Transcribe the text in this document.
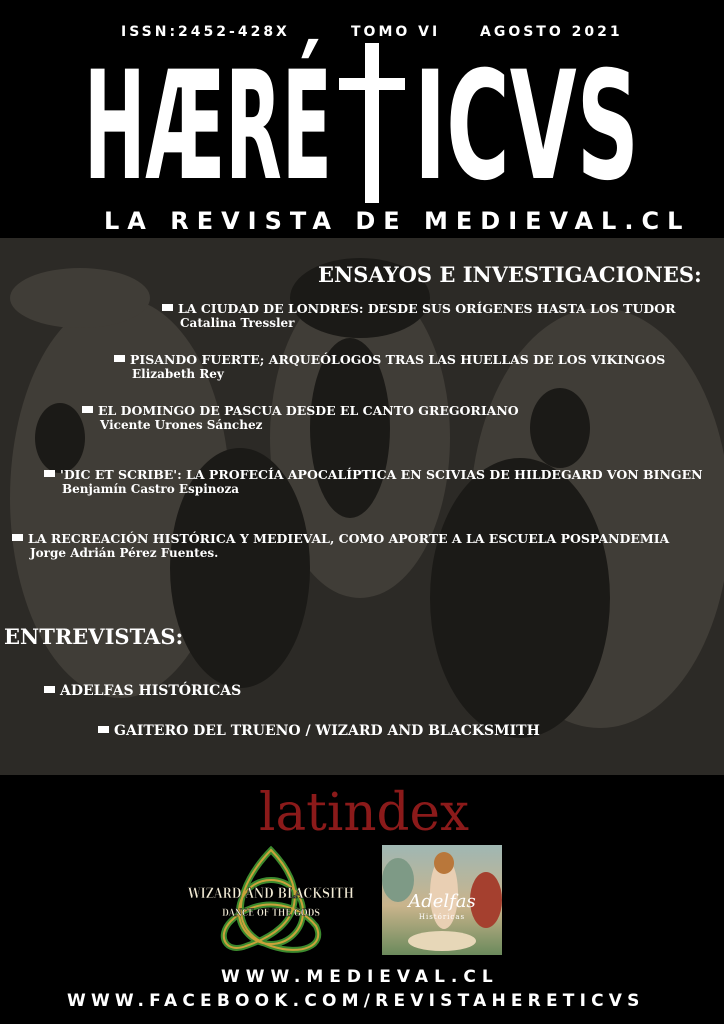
ISSN:2452-428X	TOMO VI	AGOSTO 2021
HÆRÉ
ICVS
LA REVISTA DE MEDIEVAL.CL
ENSAYOS E INVESTIGACIONES:
LA CIUDAD DE LONDRES: DESDE SUS ORÍGENES HASTA LOS TUDOR
Catalina Tressler
PISANDO FUERTE; ARQUEÓLOGOS TRAS LAS HUELLAS DE LOS VIKINGOS
Elizabeth Rey
EL DOMINGO DE PASCUA DESDE EL CANTO GREGORIANO
Vicente Urones Sánchez
'DIC ET SCRIBE': LA PROFECÍA APOCALÍPTICA EN SCIVIAS DE HILDEGARD VON BINGEN
Benjamín Castro Espinoza
LA RECREACIÓN HISTÓRICA Y MEDIEVAL, COMO APORTE A LA ESCUELA POSPANDEMIA
Jorge Adrián Pérez Fuentes.
ENTREVISTAS:
ADELFAS HISTÓRICAS
GAITERO DEL TRUENO / WIZARD AND BLACKSMITH
latindex
WIZARD AND BLACKSITH
DANCE OF THE GODS
Adelfas
Históricas
WWW.MEDIEVAL.CL
WWW.FACEBOOK.COM/REVISTAHERETICVS
